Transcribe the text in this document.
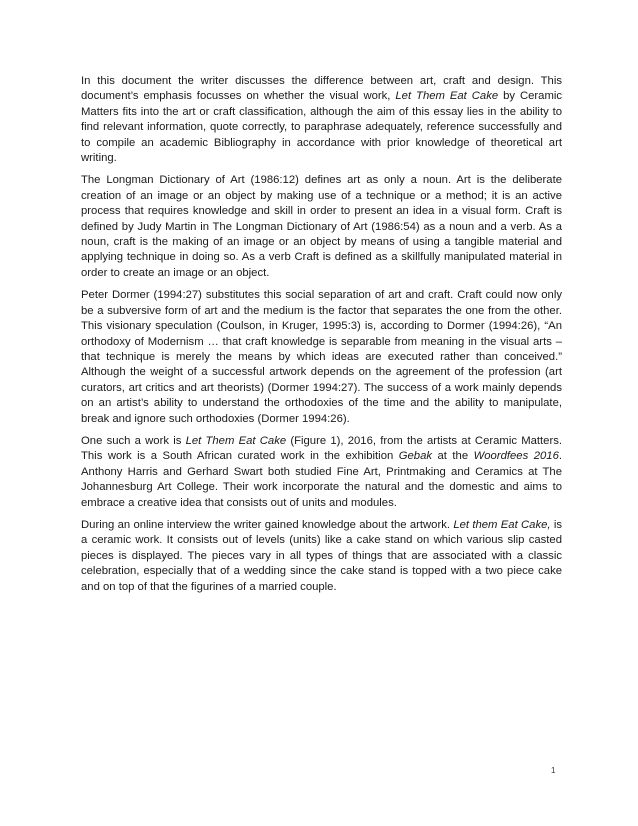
In this document the writer discusses the difference between art, craft and design. This document’s emphasis focusses on whether the visual work, Let Them Eat Cake by Ceramic Matters fits into the art or craft classification, although the aim of this essay lies in the ability to find relevant information, quote correctly, to paraphrase adequately, reference successfully and to compile an academic Bibliography in accordance with prior knowledge of theoretical art writing.

The Longman Dictionary of Art (1986:12) defines art as only a noun. Art is the deliberate creation of an image or an object by making use of a technique or a method; it is an active process that requires knowledge and skill in order to present an idea in a visual form. Craft is defined by Judy Martin in The Longman Dictionary of Art (1986:54) as a noun and a verb. As a noun, craft is the making of an image or an object by means of using a tangible material and applying technique in doing so. As a verb Craft is defined as a skillfully manipulated material in order to create an image or an object.

Peter Dormer (1994:27) substitutes this social separation of art and craft. Craft could now only be a subversive form of art and the medium is the factor that separates the one from the other. This visionary speculation (Coulson, in Kruger, 1995:3) is, according to Dormer (1994:26), “An orthodoxy of Modernism … that craft knowledge is separable from meaning in the visual arts – that technique is merely the means by which ideas are executed rather than conceived.” Although the weight of a successful artwork depends on the agreement of the profession (art curators, art critics and art theorists) (Dormer 1994:27). The success of a work mainly depends on an artist’s ability to understand the orthodoxies of the time and the ability to manipulate, break and ignore such orthodoxies (Dormer 1994:26).

One such a work is Let Them Eat Cake (Figure 1), 2016, from the artists at Ceramic Matters. This work is a South African curated work in the exhibition Gebak at the Woordfees 2016. Anthony Harris and Gerhard Swart both studied Fine Art, Printmaking and Ceramics at The Johannesburg Art College. Their work incorporate the natural and the domestic and aims to embrace a creative idea that consists out of units and modules.

During an online interview the writer gained knowledge about the artwork. Let them Eat Cake, is a ceramic work. It consists out of levels (units) like a cake stand on which various slip casted pieces is displayed. The pieces vary in all types of things that are associated with a classic celebration, especially that of a wedding since the cake stand is topped with a two piece cake and on top of that the figurines of a married couple.

1
